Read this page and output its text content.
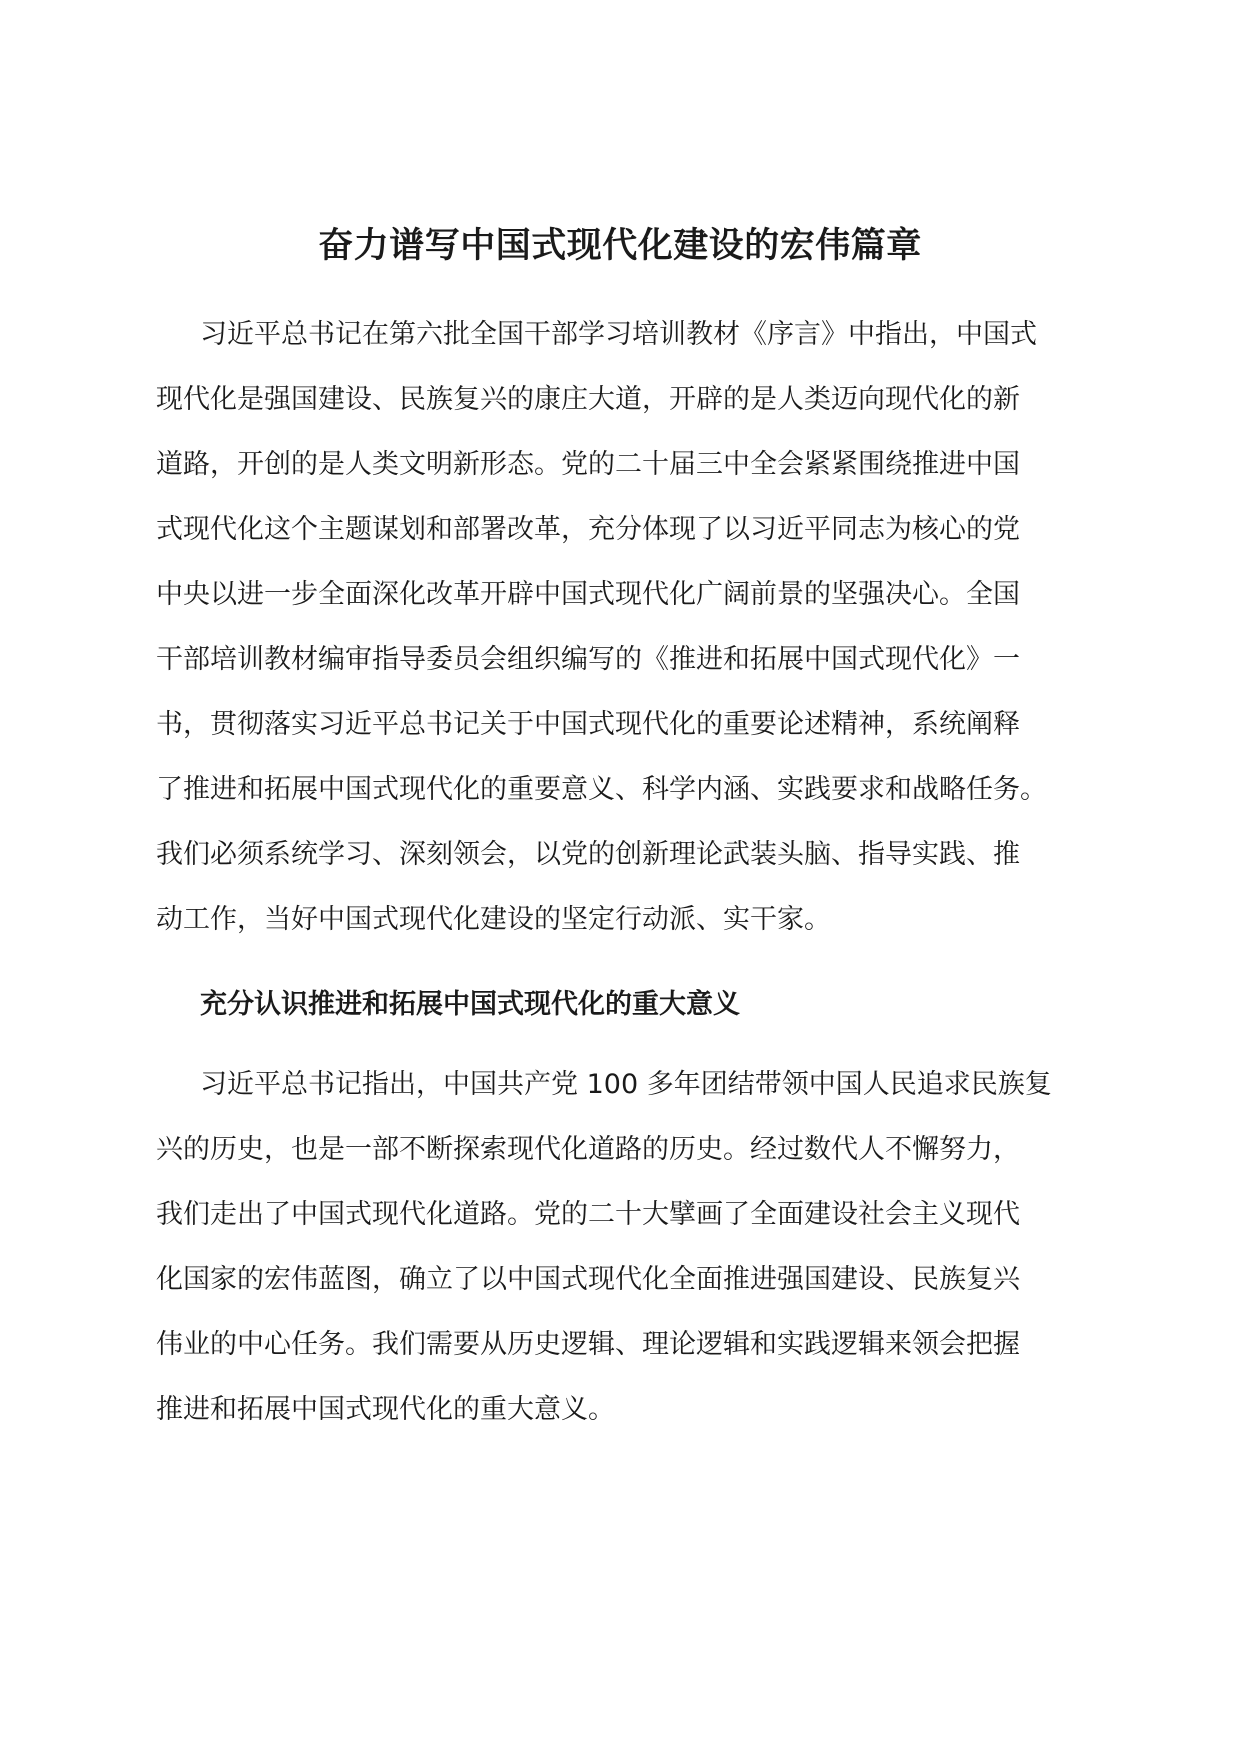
奋力谱写中国式现代化建设的宏伟篇章

习近平总书记在第六批全国干部学习培训教材《序言》中指出，中国式
现代化是强国建设、民族复兴的康庄大道，开辟的是人类迈向现代化的新
道路，开创的是人类文明新形态。党的二十届三中全会紧紧围绕推进中国
式现代化这个主题谋划和部署改革，充分体现了以习近平同志为核心的党
中央以进一步全面深化改革开辟中国式现代化广阔前景的坚强决心。全国
干部培训教材编审指导委员会组织编写的《推进和拓展中国式现代化》一
书，贯彻落实习近平总书记关于中国式现代化的重要论述精神，系统阐释
了推进和拓展中国式现代化的重要意义、科学内涵、实践要求和战略任务。
我们必须系统学习、深刻领会，以党的创新理论武装头脑、指导实践、推
动工作，当好中国式现代化建设的坚定行动派、实干家。

充分认识推进和拓展中国式现代化的重大意义

习近平总书记指出，中国共产党 100 多年团结带领中国人民追求民族复
兴的历史，也是一部不断探索现代化道路的历史。经过数代人不懈努力，
我们走出了中国式现代化道路。党的二十大擘画了全面建设社会主义现代
化国家的宏伟蓝图，确立了以中国式现代化全面推进强国建设、民族复兴
伟业的中心任务。我们需要从历史逻辑、理论逻辑和实践逻辑来领会把握
推进和拓展中国式现代化的重大意义。
